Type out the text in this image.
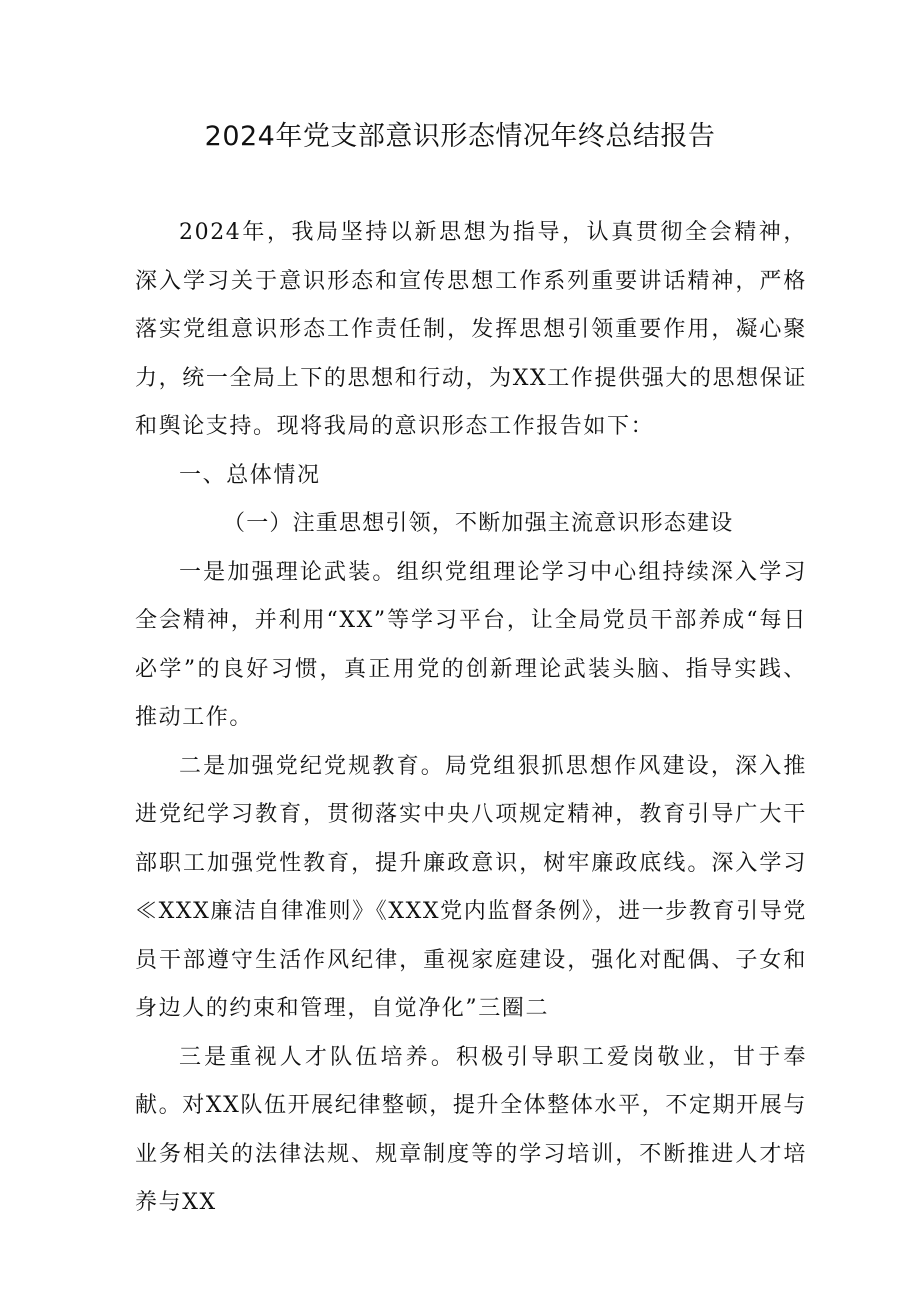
2024年党支部意识形态情况年终总结报告

2024年，我局坚持以新思想为指导，认真贯彻全会精神，深入学习关于意识形态和宣传思想工作系列重要讲话精神，严格落实党组意识形态工作责任制，发挥思想引领重要作用，凝心聚力，统一全局上下的思想和行动，为XX工作提供强大的思想保证和舆论支持。现将我局的意识形态工作报告如下：

一、总体情况

（一）注重思想引领，不断加强主流意识形态建设

一是加强理论武装。组织党组理论学习中心组持续深入学习全会精神，并利用“XX”等学习平台，让全局党员干部养成“每日必学”的良好习惯，真正用党的创新理论武装头脑、指导实践、推动工作。

二是加强党纪党规教育。局党组狠抓思想作风建设，深入推进党纪学习教育，贯彻落实中央八项规定精神，教育引导广大干部职工加强党性教育，提升廉政意识，树牢廉政底线。深入学习≪XXX廉洁自律准则》《XXX党内监督条例》，进一步教育引导党员干部遵守生活作风纪律，重视家庭建设，强化对配偶、子女和身边人的约束和管理，自觉净化”三圈二

三是重视人才队伍培养。积极引导职工爱岗敬业，甘于奉献。对XX队伍开展纪律整顿，提升全体整体水平，不定期开展与业务相关的法律法规、规章制度等的学习培训，不断推进人才培养与XX
